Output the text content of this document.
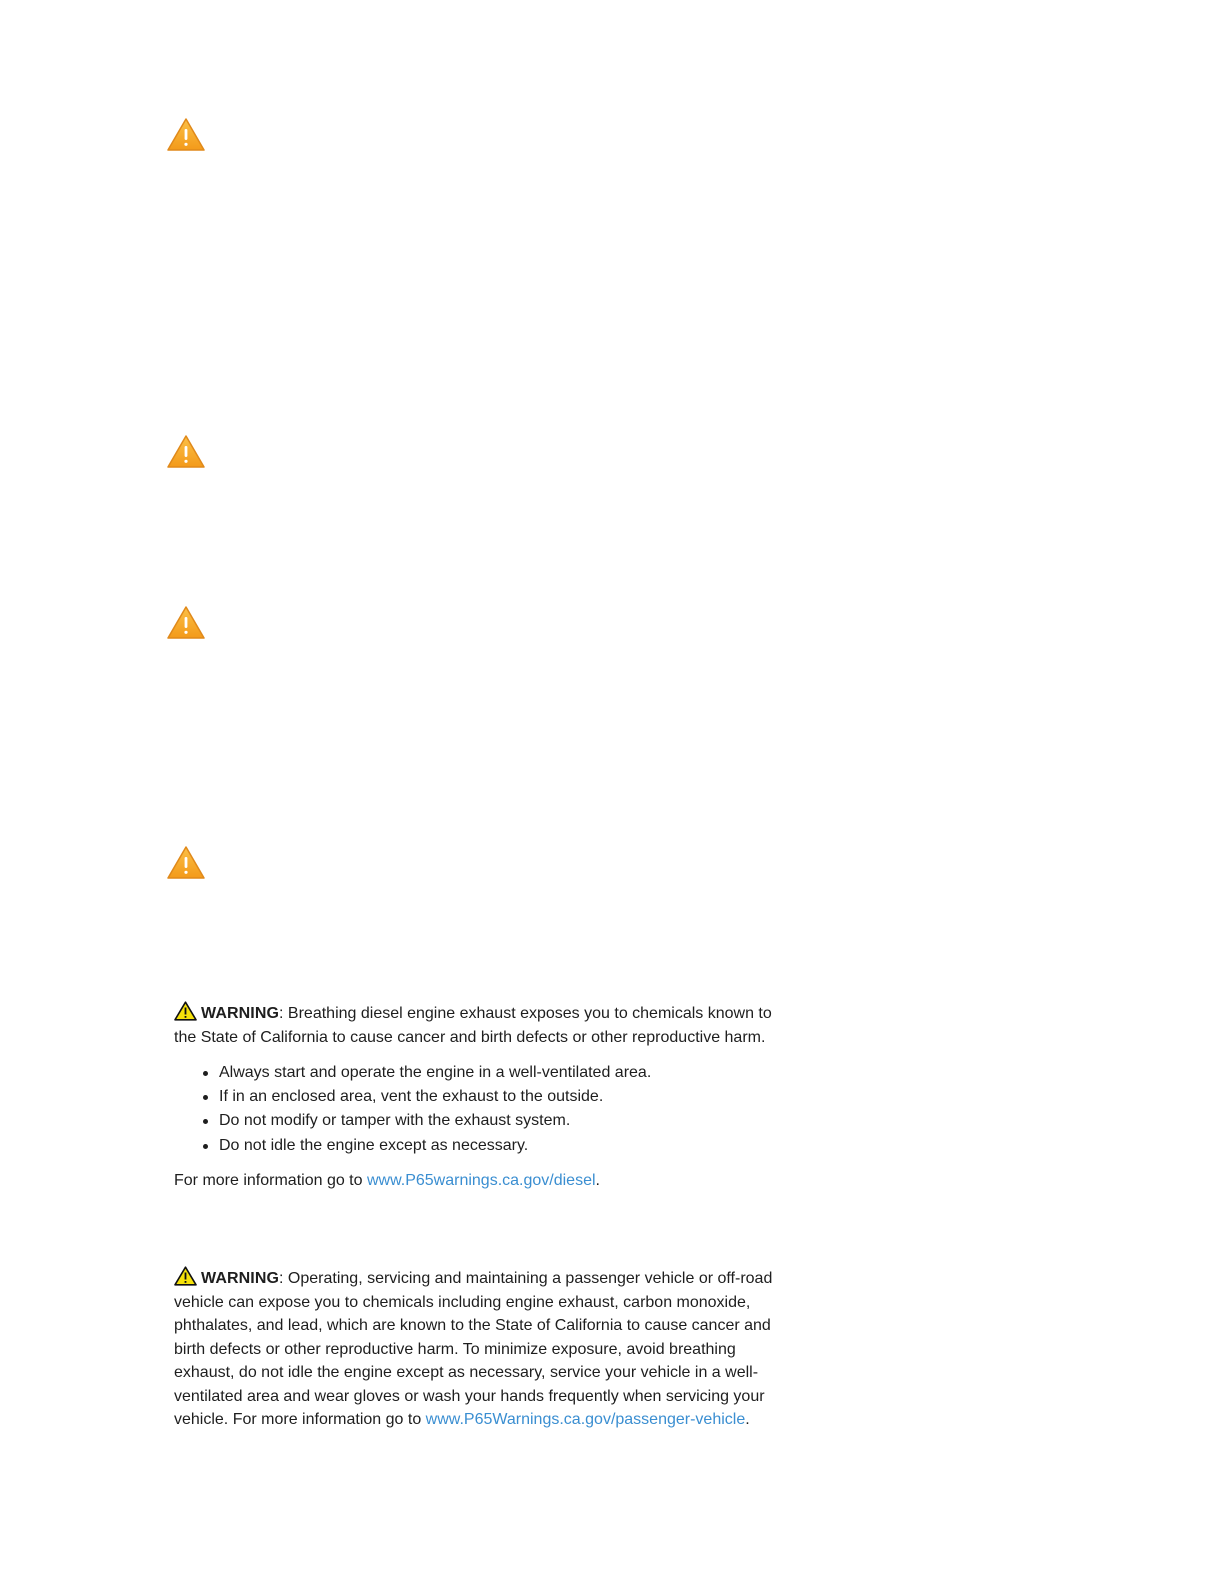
WARNING: Breathing diesel engine exhaust exposes you to chemicals known to the State of California to cause cancer and birth defects or other reproductive harm.

Always start and operate the engine in a well-ventilated area.
If in an enclosed area, vent the exhaust to the outside.
Do not modify or tamper with the exhaust system.
Do not idle the engine except as necessary.

For more information go to www.P65warnings.ca.gov/diesel.

WARNING: Operating, servicing and maintaining a passenger vehicle or off-road vehicle can expose you to chemicals including engine exhaust, carbon monoxide, phthalates, and lead, which are known to the State of California to cause cancer and birth defects or other reproductive harm. To minimize exposure, avoid breathing exhaust, do not idle the engine except as necessary, service your vehicle in a well-ventilated area and wear gloves or wash your hands frequently when servicing your vehicle. For more information go to www.P65Warnings.ca.gov/passenger-vehicle.
